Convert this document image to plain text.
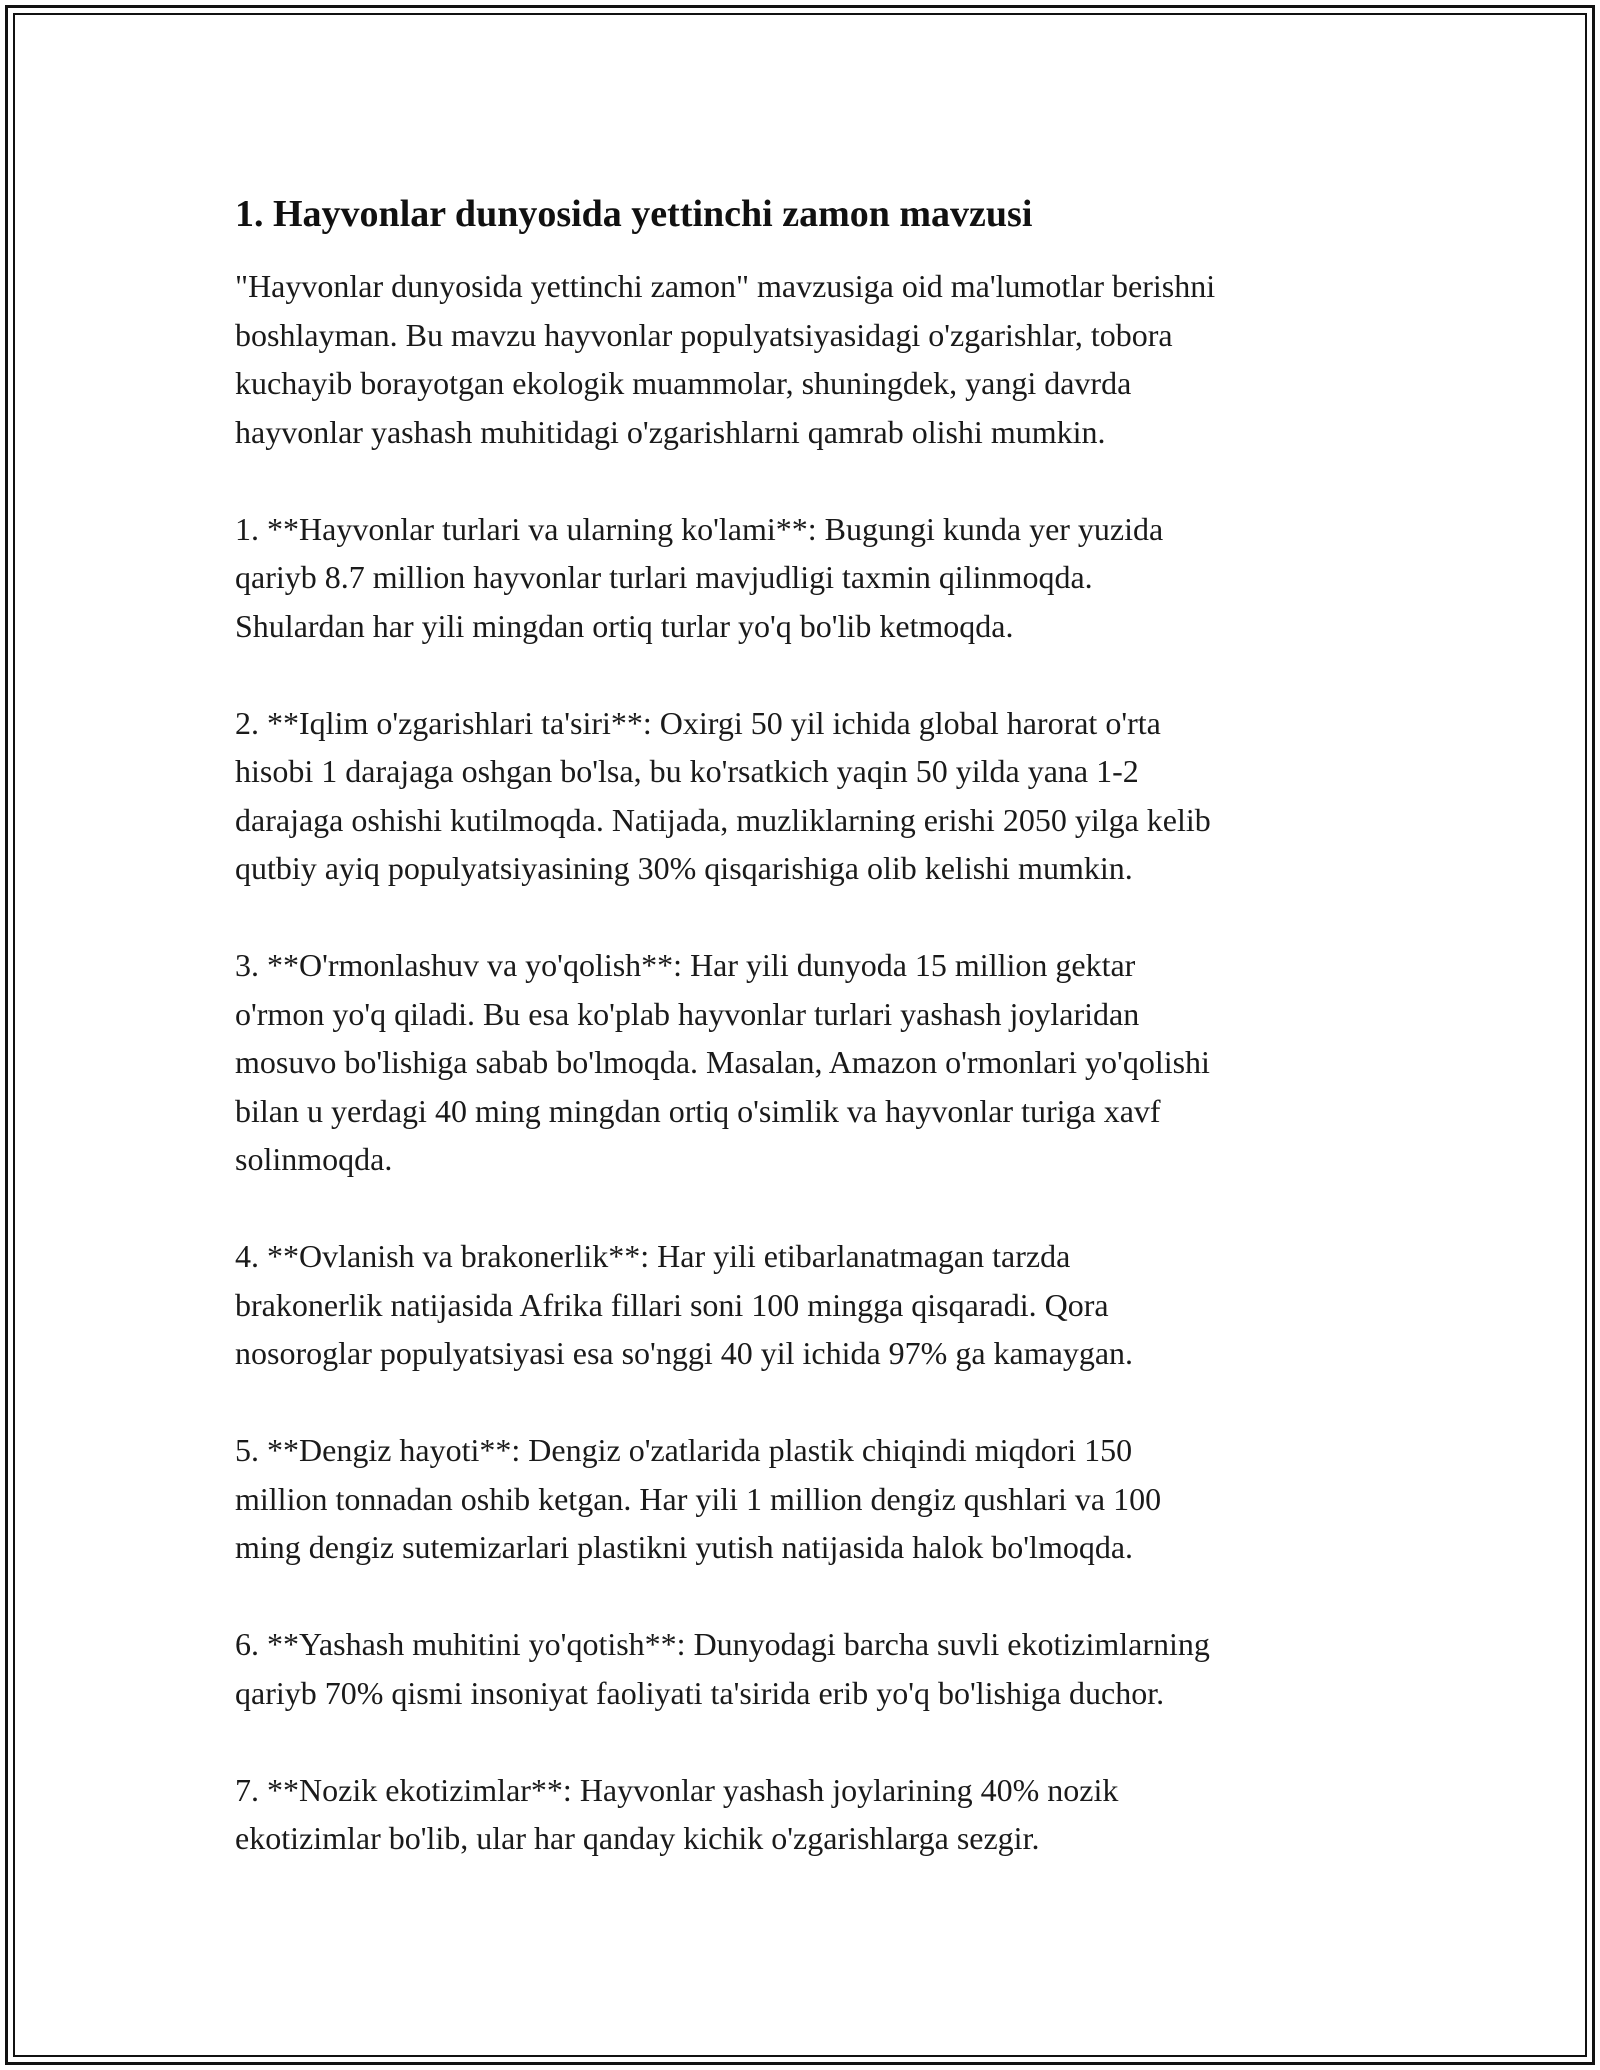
1. Hayvonlar dunyosida yettinchi zamon mavzusi

"Hayvonlar dunyosida yettinchi zamon" mavzusiga oid ma'lumotlar berishni
boshlayman. Bu mavzu hayvonlar populyatsiyasidagi o'zgarishlar, tobora
kuchayib borayotgan ekologik muammolar, shuningdek, yangi davrda
hayvonlar yashash muhitidagi o'zgarishlarni qamrab olishi mumkin.

1. **Hayvonlar turlari va ularning ko'lami**: Bugungi kunda yer yuzida
qariyb 8.7 million hayvonlar turlari mavjudligi taxmin qilinmoqda.
Shulardan har yili mingdan ortiq turlar yo'q bo'lib ketmoqda.

2. **Iqlim o'zgarishlari ta'siri**: Oxirgi 50 yil ichida global harorat o'rta
hisobi 1 darajaga oshgan bo'lsa, bu ko'rsatkich yaqin 50 yilda yana 1-2
darajaga oshishi kutilmoqda. Natijada, muzliklarning erishi 2050 yilga kelib
qutbiy ayiq populyatsiyasining 30% qisqarishiga olib kelishi mumkin.

3. **O'rmonlashuv va yo'qolish**: Har yili dunyoda 15 million gektar
o'rmon yo'q qiladi. Bu esa ko'plab hayvonlar turlari yashash joylaridan
mosuvo bo'lishiga sabab bo'lmoqda. Masalan, Amazon o'rmonlari yo'qolishi
bilan u yerdagi 40 ming mingdan ortiq o'simlik va hayvonlar turiga xavf
solinmoqda.

4. **Ovlanish va brakonerlik**: Har yili etibarlanatmagan tarzda
brakonerlik natijasida Afrika fillari soni 100 mingga qisqaradi. Qora
nosoroglar populyatsiyasi esa so'nggi 40 yil ichida 97% ga kamaygan.

5. **Dengiz hayoti**: Dengiz o'zatlarida plastik chiqindi miqdori 150
million tonnadan oshib ketgan. Har yili 1 million dengiz qushlari va 100
ming dengiz sutemizarlari plastikni yutish natijasida halok bo'lmoqda.

6. **Yashash muhitini yo'qotish**: Dunyodagi barcha suvli ekotizimlarning
qariyb 70% qismi insoniyat faoliyati ta'sirida erib yo'q bo'lishiga duchor.

7. **Nozik ekotizimlar**: Hayvonlar yashash joylarining 40% nozik
ekotizimlar bo'lib, ular har qanday kichik o'zgarishlarga sezgir.
